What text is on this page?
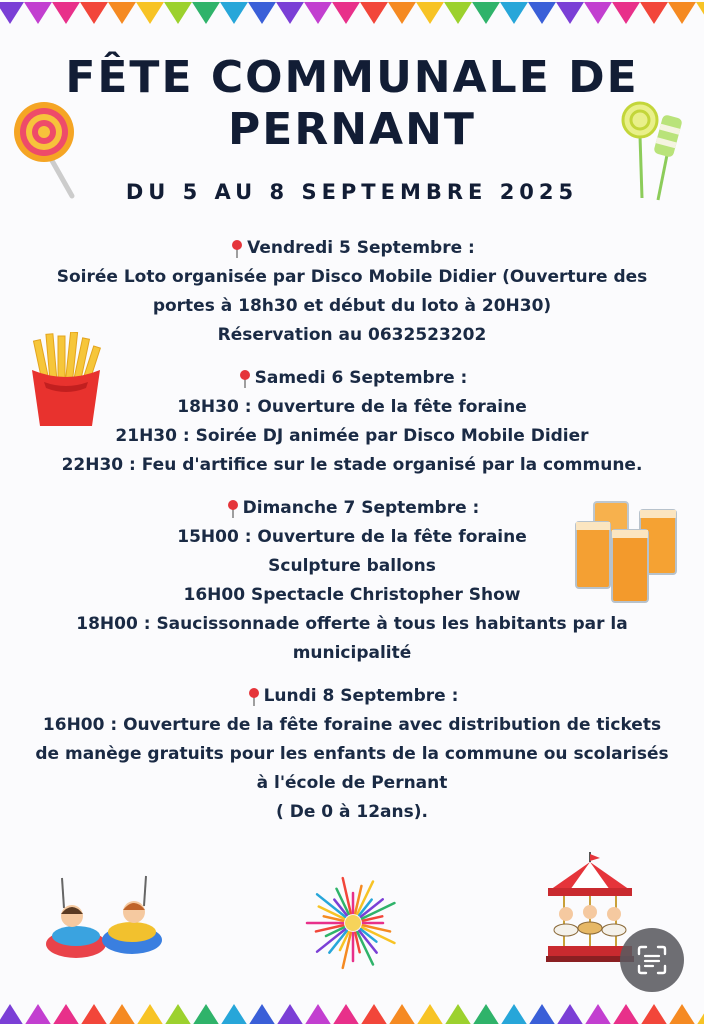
FÊTE COMMUNALE DE
PERNANT
DU 5 AU 8 SEPTEMBRE 2025
Vendredi 5 Septembre :
Soirée Loto organisée par Disco Mobile Didier (Ouverture des
portes à 18h30 et début du loto à 20H30)
Réservation au 0632523202
Samedi 6 Septembre :
18H30 : Ouverture de la fête foraine
21H30 : Soirée DJ animée par Disco Mobile Didier
22H30 : Feu d'artifice sur le stade organisé par la commune.
Dimanche 7 Septembre :
15H00 : Ouverture de la fête foraine
Sculpture ballons
16H00 Spectacle Christopher Show
18H00 : Saucissonnade offerte à tous les habitants par la
municipalité
Lundi 8 Septembre :
16H00 : Ouverture de la fête foraine avec distribution de tickets
de manège gratuits pour les enfants de la commune ou scolarisés
à l'école de Pernant
( De 0 à 12ans).
